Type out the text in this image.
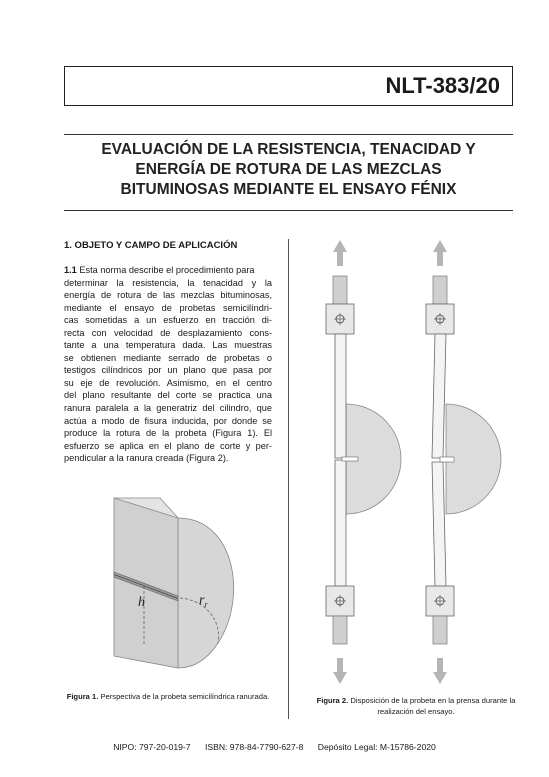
NLT-383/20
EVALUACIÓN DE LA RESISTENCIA, TENACIDAD Y
ENERGÍA DE ROTURA DE LAS MEZCLAS
BITUMINOSAS MEDIANTE EL ENSAYO FÉNIX
1. OBJETO Y CAMPO DE APLICACIÓN
1.1 Esta norma describe el procedimiento para
determinar la resistencia, la tenacidad y la
energía de rotura de las mezclas bituminosas,
mediante el ensayo de probetas semicilíndri-
cas sometidas a un esfuerzo en tracción di-
recta con velocidad de desplazamiento cons-
tante a una temperatura dada. Las muestras
se obtienen mediante serrado de probetas o
testigos cilíndricos por un plano que pasa por
su eje de revolución. Asimismo, en el centro
del plano resultante del corte se practica una
ranura paralela a la generatriz del cilindro, que
actúa a modo de fisura inducida, por donde se
produce la rotura de la probeta (Figura 1). El
esfuerzo se aplica en el plano de corte y per-
pendicular a la ranura creada (Figura 2).
h	$r_r$
Figura 1. Perspectiva de la probeta semicilíndrica ranurada.	Figura 2. Disposición de la probeta en la prensa durante la realización del ensayo.
NIPO: 797-20-019-7 ISBN: 978-84-7790-627-8 Depósito Legal: M-15786-2020
